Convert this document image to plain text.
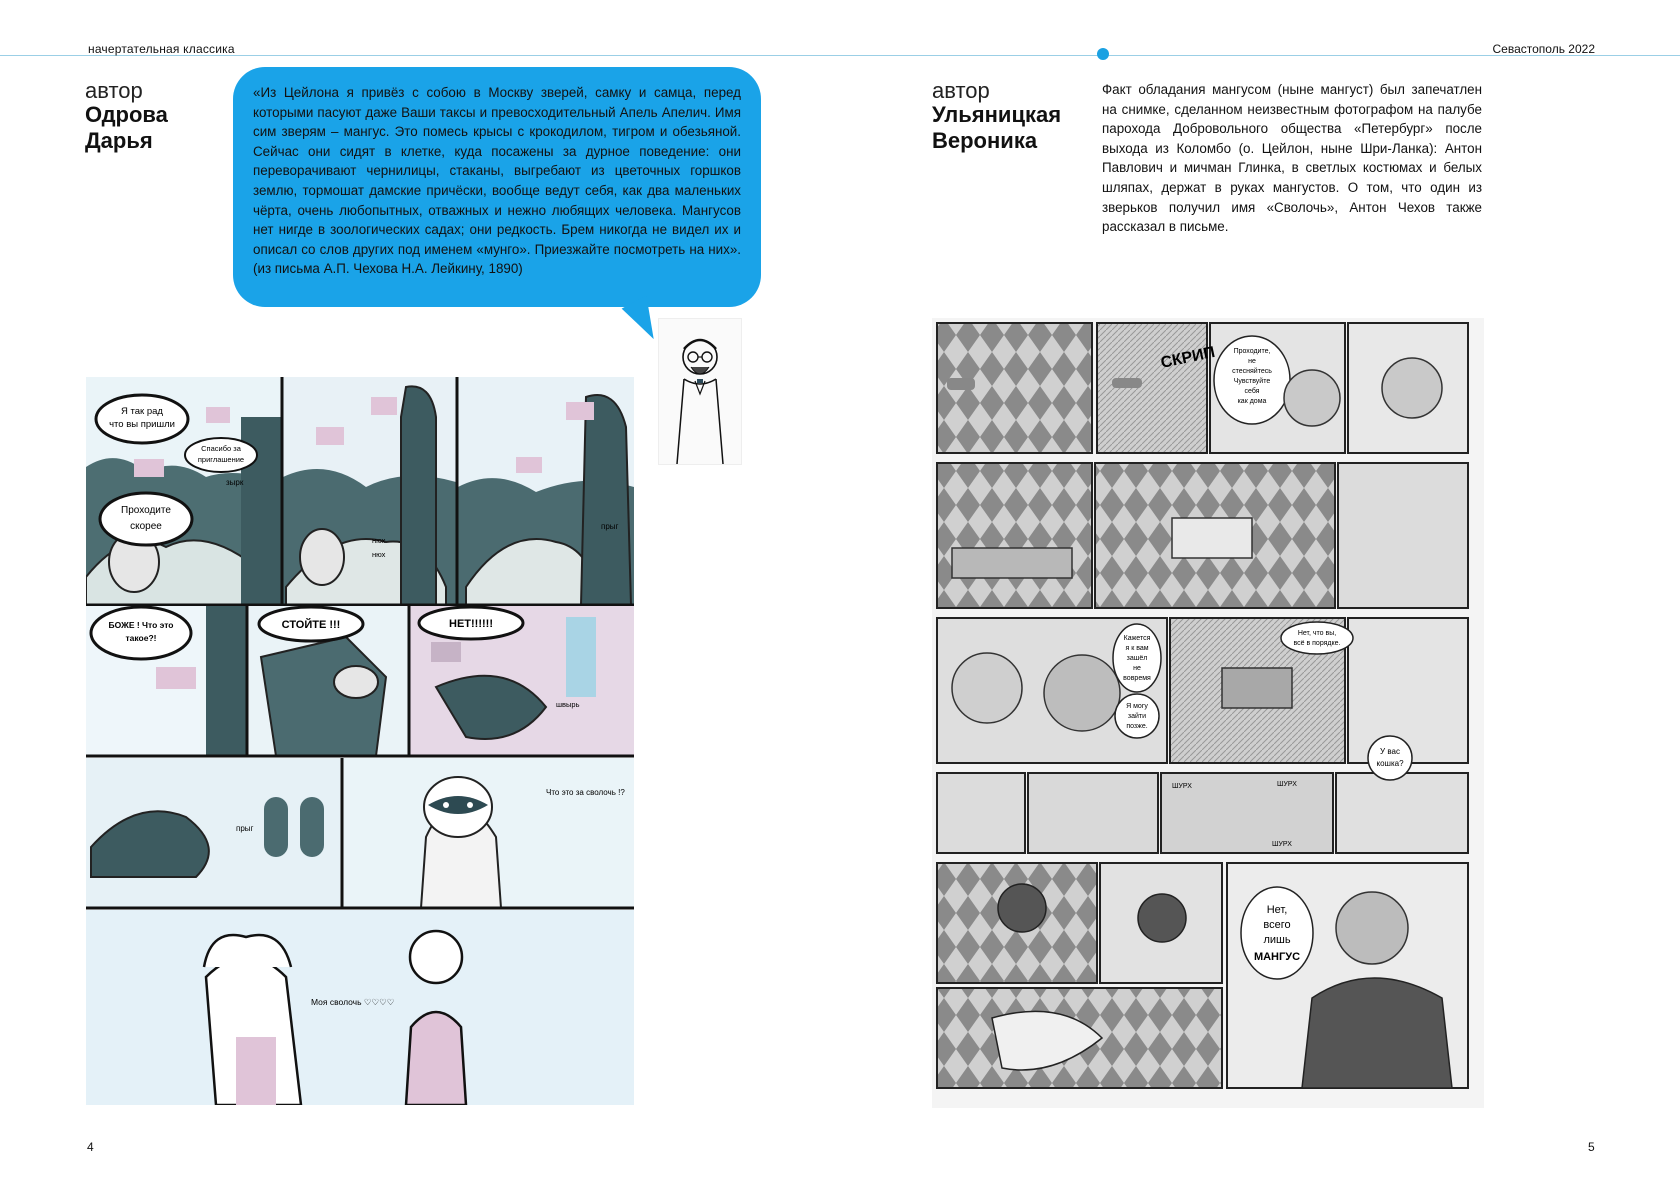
начертательная классика	Севастополь 2022
автор
Одрова
Дарья
«Из Цейлона я привёз с собою в Москву зверей, самку и самца, перед которыми пасуют даже Ваши таксы и превосходительный Апель Апелич. Имя сим зверям – мангус. Это помесь крысы с крокодилом, тигром и обезьяной. Сейчас они сидят в клетке, куда посажены за дурное поведение: они переворачивают чернилицы, стаканы, выгребают из цветочных горшков землю, тормошат дамские причёски, вообще ведут себя, как два маленьких чёрта, очень любопытных, отважных и нежно любящих человека. Мангусов нет нигде в зоологических садах; они редкость. Брем никогда не видел их и описал со слов других под именем «мунго». Приезжайте посмотреть на них». (из письма А.П. Чехова Н.А. Лейкину, 1890)
Я так рад
что вы пришли
Спасибо за
приглашение
зырк
Проходите
скорее
нюх
нюх
прыг
БОЖЕ ! Что это
такое?!
СТОЙТЕ !!!	НЕТ!!!!!!
швырь
прыг
Что это за сволочь !?
Моя сволочь ♡♡♡♡
4
автор
Ульяницкая
Вероника
Факт обладания мангусом (ныне мангуст) был запечатлен на снимке, сделанном неизвестным фотографом на палубе парохода Добровольного общества «Петербург» после выхода из Коломбо (о. Цейлон, ныне Шри-Ланка): Антон Павлович и мичман Глинка, в светлых костюмах и белых шляпах, держат в руках мангустов. О том, что один из зверьков получил имя «Сволочь», Антон Чехов также рассказал в письме.
СКРИП Проходите,
не
стесняйтесь
Чувствуйте
себя
как дома
Кажется
я к вам
зашёл
не
вовремя
Я могу
зайти
позже.
Нет, что вы,
всё в порядке.
ШУРХ	ШУРХ
ШУРХ
У вас
кошка?
Нет,
всего
лишь
МАНГУС
5
